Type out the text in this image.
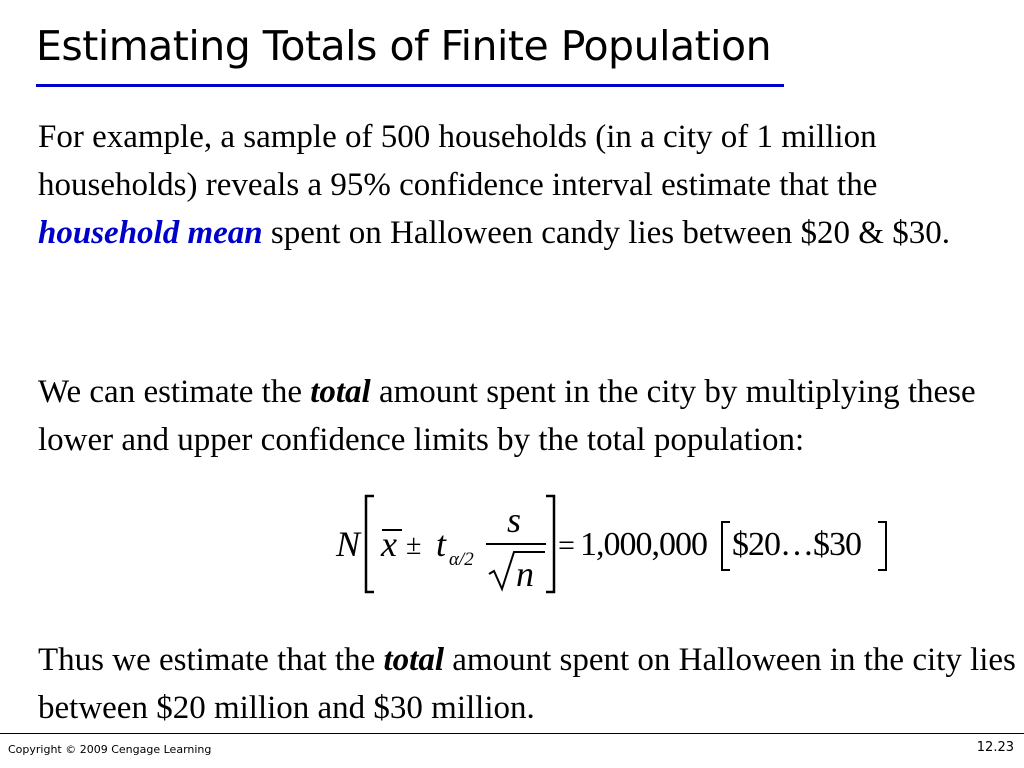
Estimating Totals of Finite Population

For example, a sample of 500 households (in a city of 1 million households) reveals a 95% confidence interval estimate that the household mean spent on Halloween candy lies between $20 & $30.

We can estimate the total amount spent in the city by multiplying these lower and upper confidence limits by the total population:

N x ± t α/2
s
n
= 1,000,000 $20…$30

Thus we estimate that the total amount spent on Halloween in the city lies between $20 million and $30 million.

Copyright © 2009 Cengage Learning	12.23
